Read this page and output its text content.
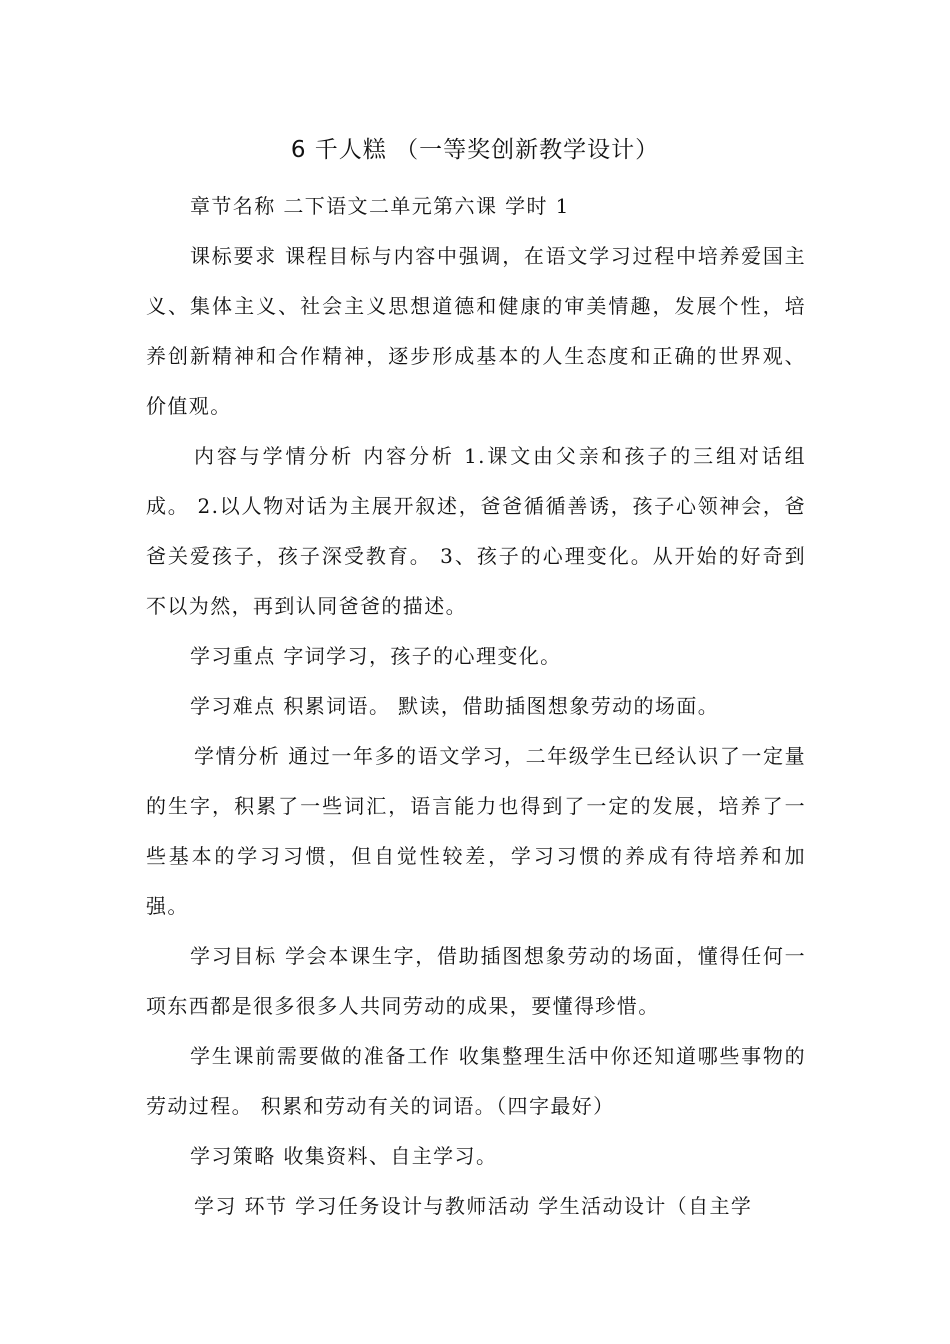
6 千人糕 （一等奖创新教学设计）

章节名称 二下语文二单元第六课 学时 1

课标要求 课程目标与内容中强调，在语文学习过程中培养爱国主义、集体主义、社会主义思想道德和健康的审美情趣，发展个性，培养创新精神和合作精神，逐步形成基本的人生态度和正确的世界观、价值观。

内容与学情分析 内容分析 1.课文由父亲和孩子的三组对话组成。 2.以人物对话为主展开叙述，爸爸循循善诱，孩子心领神会，爸爸关爱孩子，孩子深受教育。 3、孩子的心理变化。从开始的好奇到不以为然，再到认同爸爸的描述。

学习重点 字词学习，孩子的心理变化。

学习难点 积累词语。 默读，借助插图想象劳动的场面。

学情分析 通过一年多的语文学习，二年级学生已经认识了一定量的生字，积累了一些词汇，语言能力也得到了一定的发展，培养了一些基本的学习习惯，但自觉性较差，学习习惯的养成有待培养和加强。

学习目标 学会本课生字，借助插图想象劳动的场面，懂得任何一项东西都是很多很多人共同劳动的成果，要懂得珍惜。

学生课前需要做的准备工作 收集整理生活中你还知道哪些事物的劳动过程。 积累和劳动有关的词语。（四字最好）

学习策略 收集资料、自主学习。

学习 环节 学习任务设计与教师活动 学生活动设计（自主学
